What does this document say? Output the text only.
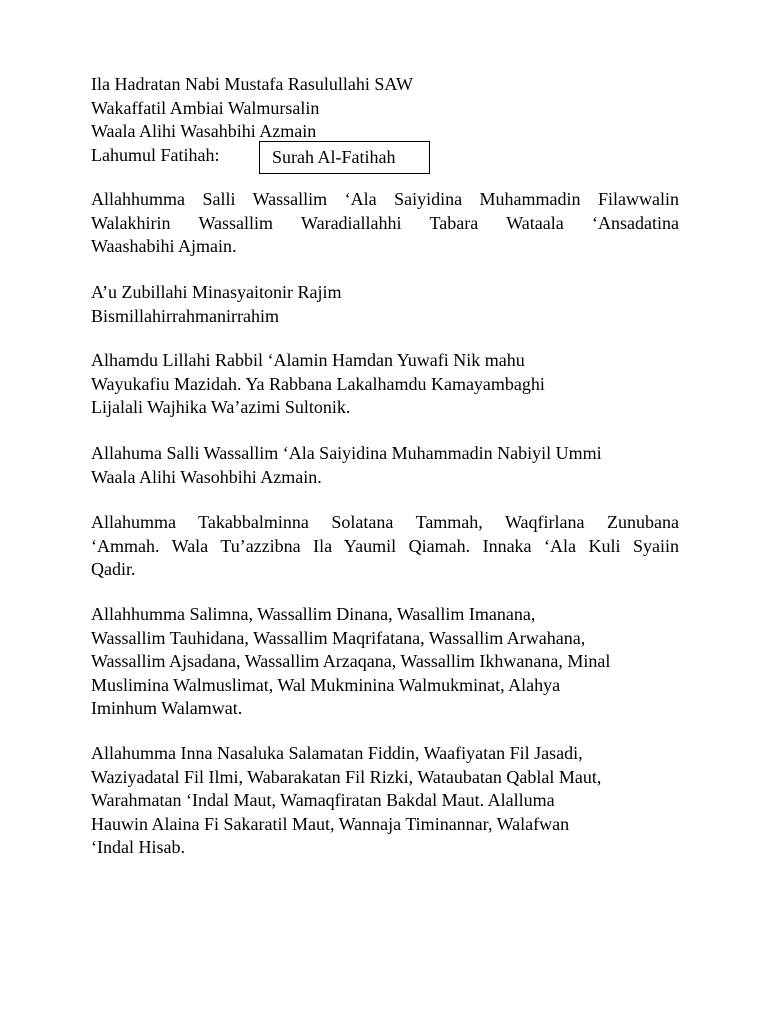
Ila Hadratan Nabi Mustafa Rasulullahi SAW
Wakaffatil Ambiai Walmursalin
Waala Alihi Wasahbihi Azmain
Lahumul Fatihah:	Surah Al-Fatihah
Allahhumma Salli Wassallim ‘Ala Saiyidina Muhammadin Filawwalin
Walakhirin Wassallim Waradiallahhi Tabara Wataala ‘Ansadatina
Waashabihi Ajmain.
A’u Zubillahi Minasyaitonir Rajim
Bismillahirrahmanirrahim
Alhamdu Lillahi Rabbil ‘Alamin Hamdan Yuwafi Nik mahu
Wayukafiu Mazidah. Ya Rabbana Lakalhamdu Kamayambaghi
Lijalali Wajhika Wa’azimi Sultonik.
Allahuma Salli Wassallim ‘Ala Saiyidina Muhammadin Nabiyil Ummi
Waala Alihi Wasohbihi Azmain.
Allahumma Takabbalminna Solatana Tammah, Waqfirlana Zunubana
‘Ammah. Wala Tu’azzibna Ila Yaumil Qiamah. Innaka ‘Ala Kuli Syaiin
Qadir.
Allahhumma Salimna, Wassallim Dinana, Wasallim Imanana,
Wassallim Tauhidana, Wassallim Maqrifatana, Wassallim Arwahana,
Wassallim Ajsadana, Wassallim Arzaqana, Wassallim Ikhwanana, Minal
Muslimina Walmuslimat, Wal Mukminina Walmukminat, Alahya
Iminhum Walamwat.
Allahumma Inna Nasaluka Salamatan Fiddin, Waafiyatan Fil Jasadi,
Waziyadatal Fil Ilmi, Wabarakatan Fil Rizki, Wataubatan Qablal Maut,
Warahmatan ‘Indal Maut, Wamaqfiratan Bakdal Maut. Alalluma
Hauwin Alaina Fi Sakaratil Maut, Wannaja Timinannar, Walafwan
‘Indal Hisab.
